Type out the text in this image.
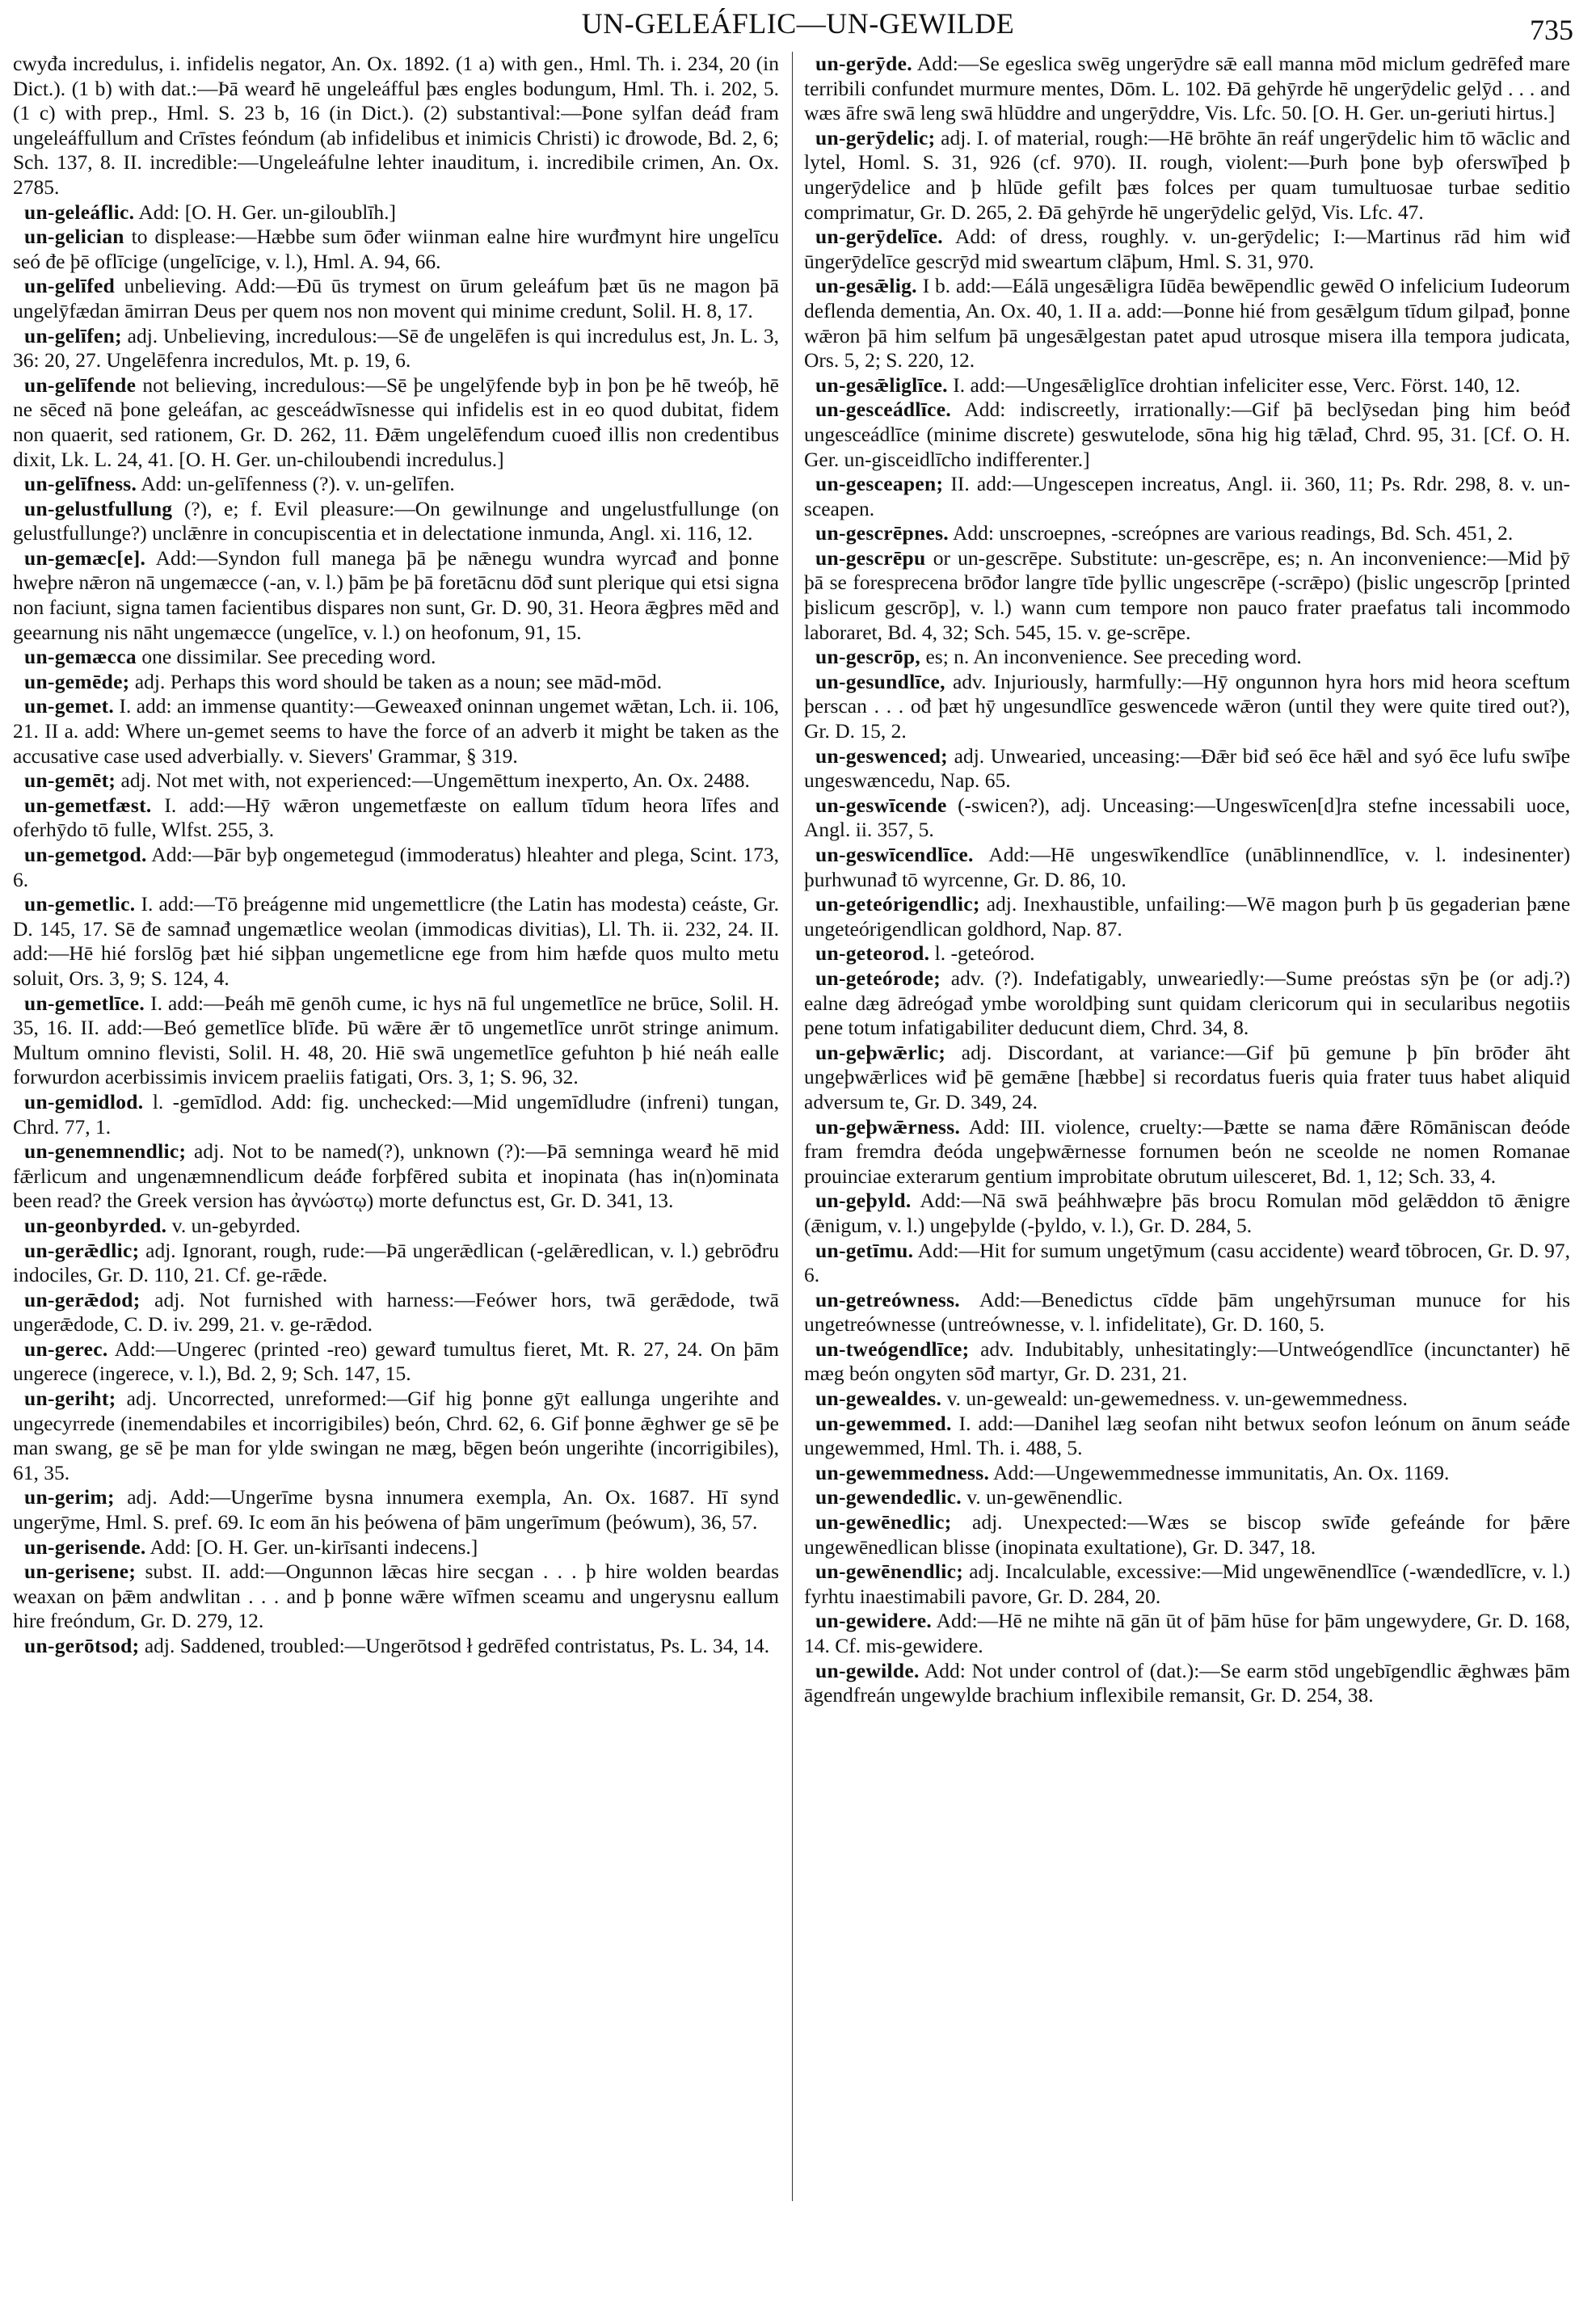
UN-GELEÁFLIC—UN-GEWILDE	735

cwyđa incredulus, i. infidelis negator, An. Ox. 1892. (1 a) with gen., Hml. Th. i. 234, 20 (in Dict.). (1 b) with dat.:—Þā wearđ hē ungeleáfful þæs engles bodungum, Hml. Th. i. 202, 5. (1 c) with prep., Hml. S. 23 b, 16 (in Dict.). (2) substantival:—Þone sylfan deáđ fram ungeleáffullum and Crīstes feóndum (ab infidelibus et inimicis Christi) ic đrowode, Bd. 2, 6; Sch. 137, 8. II. incredible:—Ungeleáfulne lehter inauditum, i. incredibile crimen, An. Ox. 2785.

un-geleáflic. Add: [O. H. Ger. un-giloublīh.]

un-gelician to displease:—Hæbbe sum ōđer wiinman ealne hire wurđmynt hire ungelīcu seó đe þē oflīcige (ungelīcige, v. l.), Hml. A. 94, 66.

un-gelīfed unbelieving. Add:—Đū ūs trymest on ūrum geleáfum þæt ūs ne magon þā ungelȳfædan āmirran Deus per quem nos non movent qui minime credunt, Solil. H. 8, 17.

un-gelīfen; adj. Unbelieving, incredulous:—Sē đe ungelēfen is qui incredulus est, Jn. L. 3, 36: 20, 27. Ungelēfenra incredulos, Mt. p. 19, 6.

un-gelīfende not believing, incredulous:—Sē þe ungelȳfende byþ in þon þe hē tweóþ, hē ne sēceđ nā þone geleáfan, ac gesceádwīsnesse qui infidelis est in eo quod dubitat, fidem non quaerit, sed rationem, Gr. D. 262, 11. Đǣm ungelēfendum cuoeđ illis non credentibus dixit, Lk. L. 24, 41. [O. H. Ger. un-chiloubendi incredulus.]

un-gelīfness. Add: un-gelīfenness (?). v. un-gelīfen.

un-gelustfullung (?), e; f. Evil pleasure:—On gewilnunge and ungelustfullunge (on gelustfullunge?) unclǣnre in concupiscentia et in delectatione inmunda, Angl. xi. 116, 12.

un-gemæc[e]. Add:—Syndon full manega þā þe nǣnegu wundra wyrcađ and þonne hweþre nǣron nā ungemæcce (-an, v. l.) þām þe þā foretācnu dōđ sunt plerique qui etsi signa non faciunt, signa tamen facientibus dispares non sunt, Gr. D. 90, 31. Heora ǣgþres mēd and geearnung nis nāht ungemæcce (ungelīce, v. l.) on heofonum, 91, 15.

un-gemæcca one dissimilar. See preceding word.

un-gemēde; adj. Perhaps this word should be taken as a noun; see mād-mōd.

un-gemet. I. add: an immense quantity:—Geweaxeđ oninnan ungemet wǣtan, Lch. ii. 106, 21. II a. add: Where un-gemet seems to have the force of an adverb it might be taken as the accusative case used adverbially. v. Sievers' Grammar, § 319.

un-gemēt; adj. Not met with, not experienced:—Ungemēttum inexperto, An. Ox. 2488.

un-gemetfæst. I. add:—Hȳ wǣron ungemetfæste on eallum tīdum heora līfes and oferhȳdo tō fulle, Wlfst. 255, 3.

un-gemetgod. Add:—Þār byþ ongemetegud (immoderatus) hleahter and plega, Scint. 173, 6.

un-gemetlic. I. add:—Tō þreágenne mid ungemettlicre (the Latin has modesta) ceáste, Gr. D. 145, 17. Sē đe samnađ ungemætlice weolan (immodicas divitias), Ll. Th. ii. 232, 24. II. add:—Hē hié forslōg þæt hié siþþan ungemetlicne ege from him hæfde quos multo metu soluit, Ors. 3, 9; S. 124, 4.

un-gemetlīce. I. add:—Þeáh mē genōh cume, ic hys nā ful ungemetlīce ne brūce, Solil. H. 35, 16. II. add:—Beó gemetlīce blīđe. Þū wǣre ǣr tō ungemetlīce unrōt stringe animum. Multum omnino flevisti, Solil. H. 48, 20. Hiē swā ungemetlīce gefuhton þ hié neáh ealle forwurdon acerbissimis invicem praeliis fatigati, Ors. 3, 1; S. 96, 32.

un-gemidlod. l. -gemīdlod. Add: fig. unchecked:—Mid ungemīdludre (infreni) tungan, Chrd. 77, 1.

un-genemnendlic; adj. Not to be named(?), unknown (?):—Þā semninga wearđ hē mid fǣrlicum and ungenæmnendlicum deáđe forþfēred subita et inopinata (has in(n)ominata been read? the Greek version has ἀγνώστῳ) morte defunctus est, Gr. D. 341, 13.

un-geonbyrded. v. un-gebyrded.

un-gerǣdlic; adj. Ignorant, rough, rude:—Þā ungerǣdlican (-gelǣredlican, v. l.) gebrōđru indociles, Gr. D. 110, 21. Cf. ge-rǣde.

un-gerǣdod; adj. Not furnished with harness:—Feówer hors, twā gerǣdode, twā ungerǣdode, C. D. iv. 299, 21. v. ge-rǣdod.

un-gerec. Add:—Ungerec (printed -reo) gewarđ tumultus fieret, Mt. R. 27, 24. On þām ungerece (ingerece, v. l.), Bd. 2, 9; Sch. 147, 15.

un-geriht; adj. Uncorrected, unreformed:—Gif hig þonne gȳt eallunga ungerihte and ungecyrrede (inemendabiles et incorrigibiles) beón, Chrd. 62, 6. Gif þonne ǣghwer ge sē þe man swang, ge sē þe man for ylde swingan ne mæg, bēgen beón ungerihte (incorrigibiles), 61, 35.

un-gerim; adj. Add:—Ungerīme bysna innumera exempla, An. Ox. 1687. Hī synd ungerȳme, Hml. S. pref. 69. Ic eom ān his þeówena of þām ungerīmum (þeówum), 36, 57.

un-gerisende. Add: [O. H. Ger. un-kirīsanti indecens.]

un-gerisene; subst. II. add:—Ongunnon lǣcas hire secgan . . . þ hire wolden beardas weaxan on þǣm andwlitan . . . and þ þonne wǣre wīfmen sceamu and ungerysnu eallum hire freóndum, Gr. D. 279, 12.

un-gerōtsod; adj. Saddened, troubled:—Ungerōtsod ł gedrēfed contristatus, Ps. L. 34, 14.

un-gerȳde. Add:—Se egeslica swēg ungerȳdre sǣ eall manna mōd miclum gedrēfeđ mare terribili confundet murmure mentes, Dōm. L. 102. Đā gehȳrde hē ungerȳdelic gelȳd . . . and wæs āfre swā leng swā hlūddre and ungerȳddre, Vis. Lfc. 50. [O. H. Ger. un-geriuti hirtus.]

un-gerȳdelic; adj. I. of material, rough:—Hē brōhte ān reáf ungerȳdelic him tō wāclic and lytel, Homl. S. 31, 926 (cf. 970). II. rough, violent:—Þurh þone byþ oferswīþed þ ungerȳdelice and þ hlūde gefilt þæs folces per quam tumultuosae turbae seditio comprimatur, Gr. D. 265, 2. Đā gehȳrde hē ungerȳdelic gelȳd, Vis. Lfc. 47.

un-gerȳdelīce. Add: of dress, roughly. v. un-gerȳdelic; I:—Martinus rād him wiđ ūngerȳdelīce gescrȳd mid sweartum clāþum, Hml. S. 31, 970.

un-gesǣlig. I b. add:—Eálā ungesǣligra Iūdēa bewēpendlic gewēd O infelicium Iudeorum deflenda dementia, An. Ox. 40, 1. II a. add:—Þonne hié from gesǣlgum tīdum gilpađ, þonne wǣron þā him selfum þā ungesǣlgestan patet apud utrosque misera illa tempora judicata, Ors. 5, 2; S. 220, 12.

un-gesǣliglīce. I. add:—Ungesǣliglīce drohtian infeliciter esse, Verc. Först. 140, 12.

un-gesceádlīce. Add: indiscreetly, irrationally:—Gif þā beclȳsedan þing him beóđ ungesceádlīce (minime discrete) geswutelode, sōna hig hig tǣlađ, Chrd. 95, 31. [Cf. O. H. Ger. un-gisceidlīcho indifferenter.]

un-gesceapen; II. add:—Ungescepen increatus, Angl. ii. 360, 11; Ps. Rdr. 298, 8. v. un-sceapen.

un-gescrēpnes. Add: unscroepnes, -screópnes are various readings, Bd. Sch. 451, 2.

un-gescrēpu or un-gescrēpe. Substitute: un-gescrēpe, es; n. An inconvenience:—Mid þȳ þā se foresprecena brōđor langre tīde þyllic ungescrēpe (-scrǣpo) (þislic ungescrōp [printed þislicum gescrōp], v. l.) wann cum tempore non pauco frater praefatus tali incommodo laboraret, Bd. 4, 32; Sch. 545, 15. v. ge-scrēpe.

un-gescrōp, es; n. An inconvenience. See preceding word.

un-gesundlīce, adv. Injuriously, harmfully:—Hȳ ongunnon hyra hors mid heora sceftum þerscan . . . ođ þæt hȳ ungesundlīce geswencede wǣron (until they were quite tired out?), Gr. D. 15, 2.

un-geswenced; adj. Unwearied, unceasing:—Đǣr biđ seó ēce hǣl and syó ēce lufu swīþe ungeswæncedu, Nap. 65.

un-geswīcende (-swicen?), adj. Unceasing:—Ungeswīcen[d]ra stefne incessabili uoce, Angl. ii. 357, 5.

un-geswīcendlīce. Add:—Hē ungeswīkendlīce (unāblinnendlīce, v. l. indesinenter) þurhwunađ tō wyrcenne, Gr. D. 86, 10.

un-geteórigendlic; adj. Inexhaustible, unfailing:—Wē magon þurh þ ūs gegaderian þæne ungeteórigendlican goldhord, Nap. 87.

un-geteorod. l. -geteórod.

un-geteórode; adv. (?). Indefatigably, unweariedly:—Sume preóstas sȳn þe (or adj.?) ealne dæg ādreógađ ymbe woroldþing sunt quidam clericorum qui in secularibus negotiis pene totum infatigabiliter deducunt diem, Chrd. 34, 8.

un-geþwǣrlic; adj. Discordant, at variance:—Gif þū gemune þ þīn brōđer āht ungeþwǣrlices wiđ þē gemǣne [hæbbe] si recordatus fueris quia frater tuus habet aliquid adversum te, Gr. D. 349, 24.

un-geþwǣrness. Add: III. violence, cruelty:—Þætte se nama đǣre Rōmāniscan đeóde fram fremdra đeóda ungeþwǣrnesse fornumen beón ne sceolde ne nomen Romanae prouinciae exterarum gentium improbitate obrutum uilesceret, Bd. 1, 12; Sch. 33, 4.

un-geþyld. Add:—Nā swā þeáhhwæþre þās brocu Romulan mōd gelǣddon tō ǣnigre (ǣnigum, v. l.) ungeþylde (-þyldo, v. l.), Gr. D. 284, 5.

un-getīmu. Add:—Hit for sumum ungetȳmum (casu accidente) wearđ tōbrocen, Gr. D. 97, 6.

un-getreówness. Add:—Benedictus cīdde þām ungehȳrsuman munuce for his ungetreównesse (untreównesse, v. l. infidelitate), Gr. D. 160, 5.

un-tweógendlīce; adv. Indubitably, unhesitatingly:—Untweógendlīce (incunctanter) hē mæg beón ongyten sōđ martyr, Gr. D. 231, 21.

un-gewealdes. v. un-geweald: un-gewemedness. v. un-gewemmedness.

un-gewemmed. I. add:—Danihel læg seofan niht betwux seofon leónum on ānum seáđe ungewemmed, Hml. Th. i. 488, 5.

un-gewemmedness. Add:—Ungewemmednesse immunitatis, An. Ox. 1169.

un-gewendedlic. v. un-gewēnendlic.

un-gewēnedlic; adj. Unexpected:—Wæs se biscop swīđe gefeánde for þǣre ungewēnedlican blisse (inopinata exultatione), Gr. D. 347, 18.

un-gewēnendlic; adj. Incalculable, excessive:—Mid ungewēnendlīce (-wændedlīcre, v. l.) fyrhtu inaestimabili pavore, Gr. D. 284, 20.

un-gewidere. Add:—Hē ne mihte nā gān ūt of þām hūse for þām ungewydere, Gr. D. 168, 14. Cf. mis-gewidere.

un-gewilde. Add: Not under control of (dat.):—Se earm stōd ungebīgendlic ǣghwæs þām āgendfreán ungewylde brachium inflexibile remansit, Gr. D. 254, 38.
